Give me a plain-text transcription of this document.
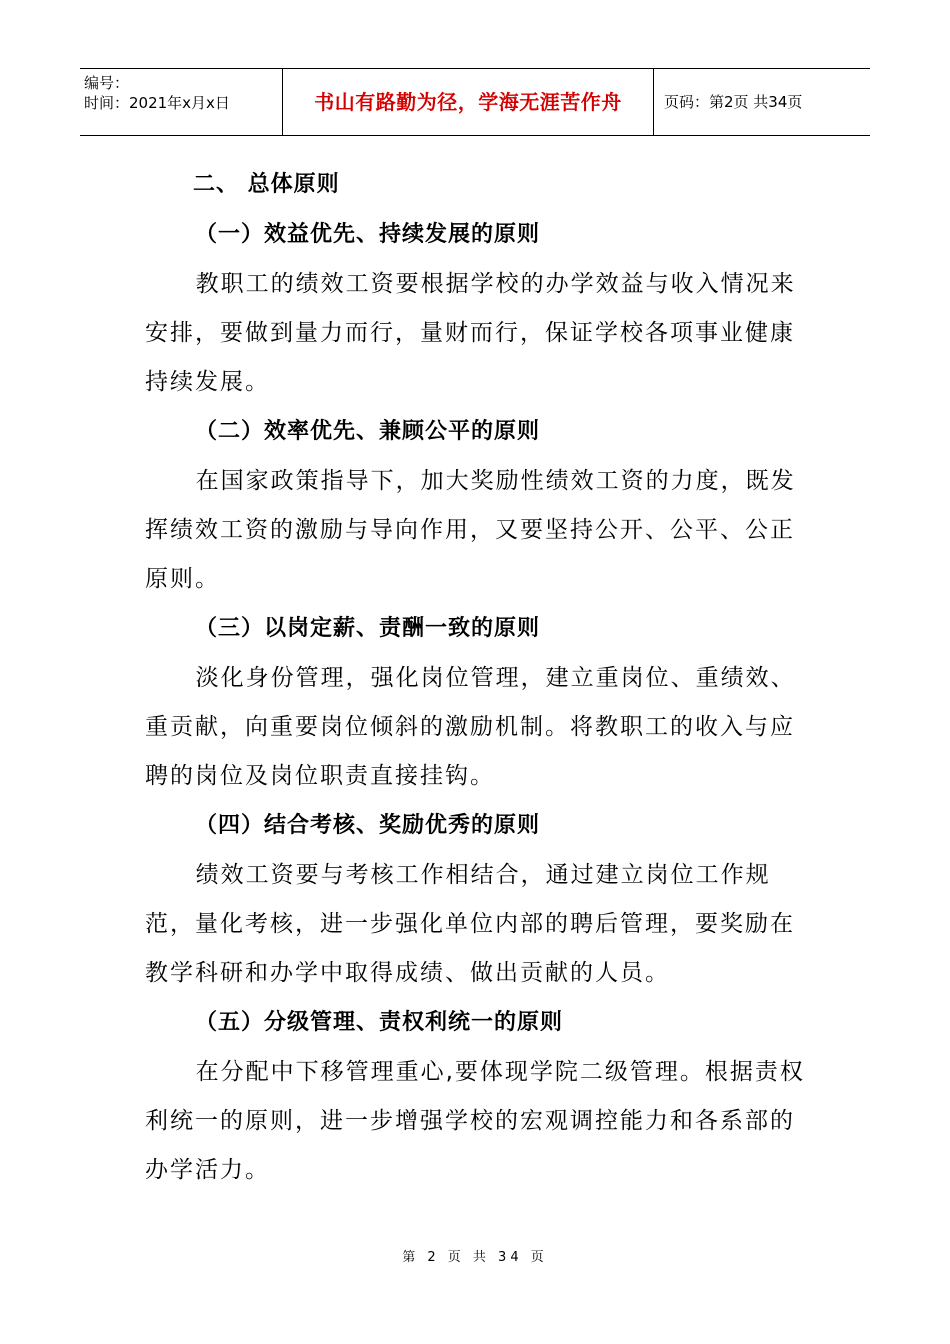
编号：
时间：2021年x月x日	书山有路勤为径，学海无涯苦作舟	页码：第2页 共34页
二、 总体原则
（一）效益优先、持续发展的原则

教职工的绩效工资要根据学校的办学效益与收入情况来安排，要做到量力而行，量财而行，保证学校各项事业健康持续发展。

（二）效率优先、兼顾公平的原则

在国家政策指导下，加大奖励性绩效工资的力度，既发挥绩效工资的激励与导向作用，又要坚持公开、公平、公正原则。

（三）以岗定薪、责酬一致的原则

淡化身份管理，强化岗位管理，建立重岗位、重绩效、重贡献，向重要岗位倾斜的激励机制。将教职工的收入与应聘的岗位及岗位职责直接挂钩。

（四）结合考核、奖励优秀的原则

绩效工资要与考核工作相结合，通过建立岗位工作规范，量化考核，进一步强化单位内部的聘后管理，要奖励在教学科研和办学中取得成绩、做出贡献的人员。

（五）分级管理、责权利统一的原则

在分配中下移管理重心,要体现学院二级管理。根据责权利统一的原则，进一步增强学校的宏观调控能力和各系部的办学活力。

第 2 页 共 34 页
